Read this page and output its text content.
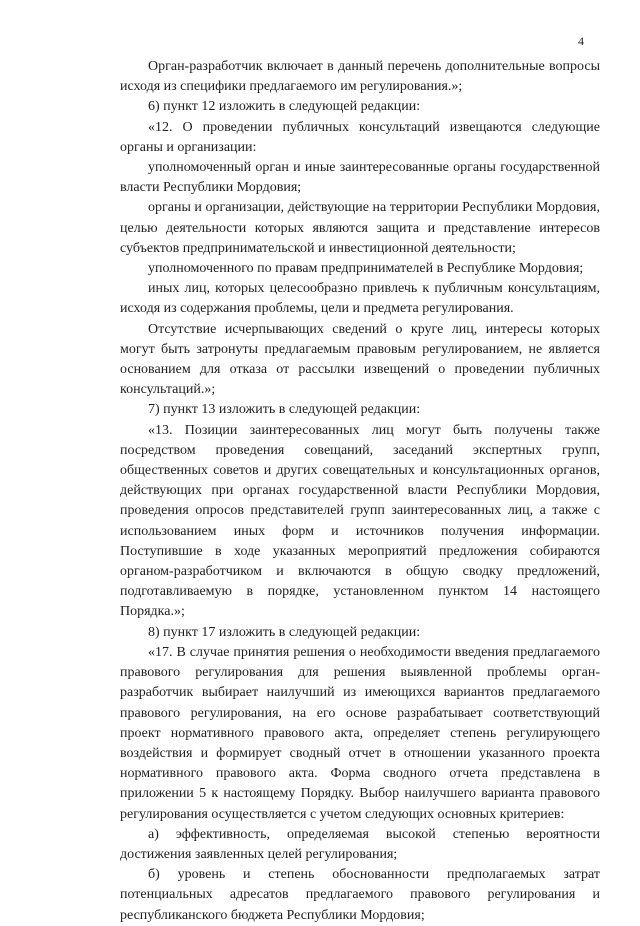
4

Орган-разработчик включает в данный перечень дополнительные вопросы исходя из специфики предлагаемого им регулирования.»;

6) пункт 12 изложить в следующей редакции:

«12. О проведении публичных консультаций извещаются следующие органы и организации:

уполномоченный орган и иные заинтересованные органы государственной власти Республики Мордовия;

органы и организации, действующие на территории Республики Мордовия, целью деятельности которых являются защита и представление интересов субъектов предпринимательской и инвестиционной деятельности;

уполномоченного по правам предпринимателей в Республике Мордовия;

иных лиц, которых целесообразно привлечь к публичным консультациям, исходя из содержания проблемы, цели и предмета регулирования.

Отсутствие исчерпывающих сведений о круге лиц, интересы которых могут быть затронуты предлагаемым правовым регулированием, не является основанием для отказа от рассылки извещений о проведении публичных консультаций.»;

7) пункт 13 изложить в следующей редакции:

«13. Позиции заинтересованных лиц могут быть получены также посредством проведения совещаний, заседаний экспертных групп, общественных советов и других совещательных и консультационных органов, действующих при органах государственной власти Республики Мордовия, проведения опросов представителей групп заинтересованных лиц, а также с использованием иных форм и источников получения информации. Поступившие в ходе указанных мероприятий предложения собираются органом-разработчиком и включаются в общую сводку предложений, подготавливаемую в порядке, установленном пунктом 14 настоящего Порядка.»;

8) пункт 17 изложить в следующей редакции:

«17. В случае принятия решения о необходимости введения предлагаемого правового регулирования для решения выявленной проблемы орган-разработчик выбирает наилучший из имеющихся вариантов предлагаемого правового регулирования, на его основе разрабатывает соответствующий проект нормативного правового акта, определяет степень регулирующего воздействия и формирует сводный отчет в отношении указанного проекта нормативного правового акта. Форма сводного отчета представлена в приложении 5 к настоящему Порядку. Выбор наилучшего варианта правового регулирования осуществляется с учетом следующих основных критериев:

а) эффективность, определяемая высокой степенью вероятности достижения заявленных целей регулирования;

б) уровень и степень обоснованности предполагаемых затрат потенциальных адресатов предлагаемого правового регулирования и республиканского бюджета Республики Мордовия;
